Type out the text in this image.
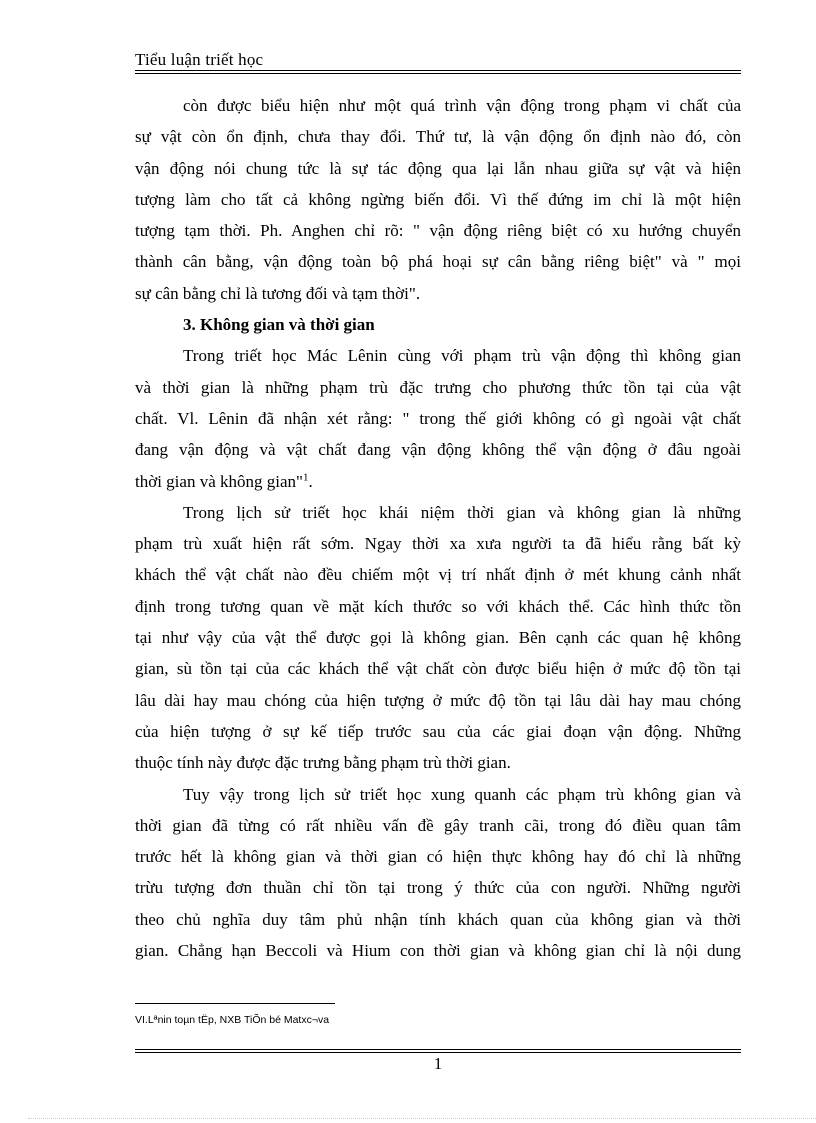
Tiểu luận triết học
còn được biểu hiện như một quá trình vận động trong phạm vi chất của
sự vật còn ổn định, chưa thay đổi. Thứ tư, là vận động ổn định nào đó, còn
vận động nói chung tức là sự tác động qua lại lẫn nhau giữa sự vật và hiện
tượng làm cho tất cả không ngừng biến đổi. Vì thế đứng im chỉ là một hiện
tượng tạm thời. Ph. Anghen chỉ rõ: " vận động riêng biệt có xu hướng chuyển
thành cân bằng, vận động toàn bộ phá hoại sự cân bằng riêng biệt" và " mọi
sự cân bằng chỉ là tương đối và tạm thời".
3. Không gian và thời gian
Trong triết học Mác Lênin cùng với phạm trù vận động thì không gian
và thời gian là những phạm trù đặc trưng cho phương thức tồn tại của vật
chất. Vl. Lênin đã nhận xét rằng: " trong thế giới không có gì ngoài vật chất
đang vận động và vật chất đang vận động không thể vận động ở đâu ngoài
thời gian và không gian"$^1$.
Trong lịch sử triết học khái niệm thời gian và không gian là những
phạm trù xuất hiện rất sớm. Ngay thời xa xưa người ta đã hiểu rằng bất kỳ
khách thể vật chất nào đều chiếm một vị trí nhất định ở mét khung cảnh nhất
định trong tương quan về mặt kích thước so với khách thể. Các hình thức tồn
tại như vậy của vật thể được gọi là không gian. Bên cạnh các quan hệ không
gian, sù tồn tại của các khách thể vật chất còn được biểu hiện ở mức độ tồn tại
lâu dài hay mau chóng của hiện tượng ở mức độ tồn tại lâu dài hay mau chóng
của hiện tượng ở sự kế tiếp trước sau của các giai đoạn vận động. Những
thuộc tính này được đặc trưng bằng phạm trù thời gian.
Tuy vậy trong lịch sử triết học xung quanh các phạm trù không gian và
thời gian đã từng có rất nhiều vấn đề gây tranh cãi, trong đó điều quan tâm
trước hết là không gian và thời gian có hiện thực không hay đó chỉ là những
trừu tượng đơn thuần chỉ tồn tại trong ý thức của con người. Những người
theo chủ nghĩa duy tâm phủ nhận tính khách quan của không gian và thời
gian. Chẳng hạn Beccoli và Hium con thời gian và không gian chỉ là nội dung
VI.Lªnin toµn tËp, NXB TiÕn bé Matxc¬va
1
